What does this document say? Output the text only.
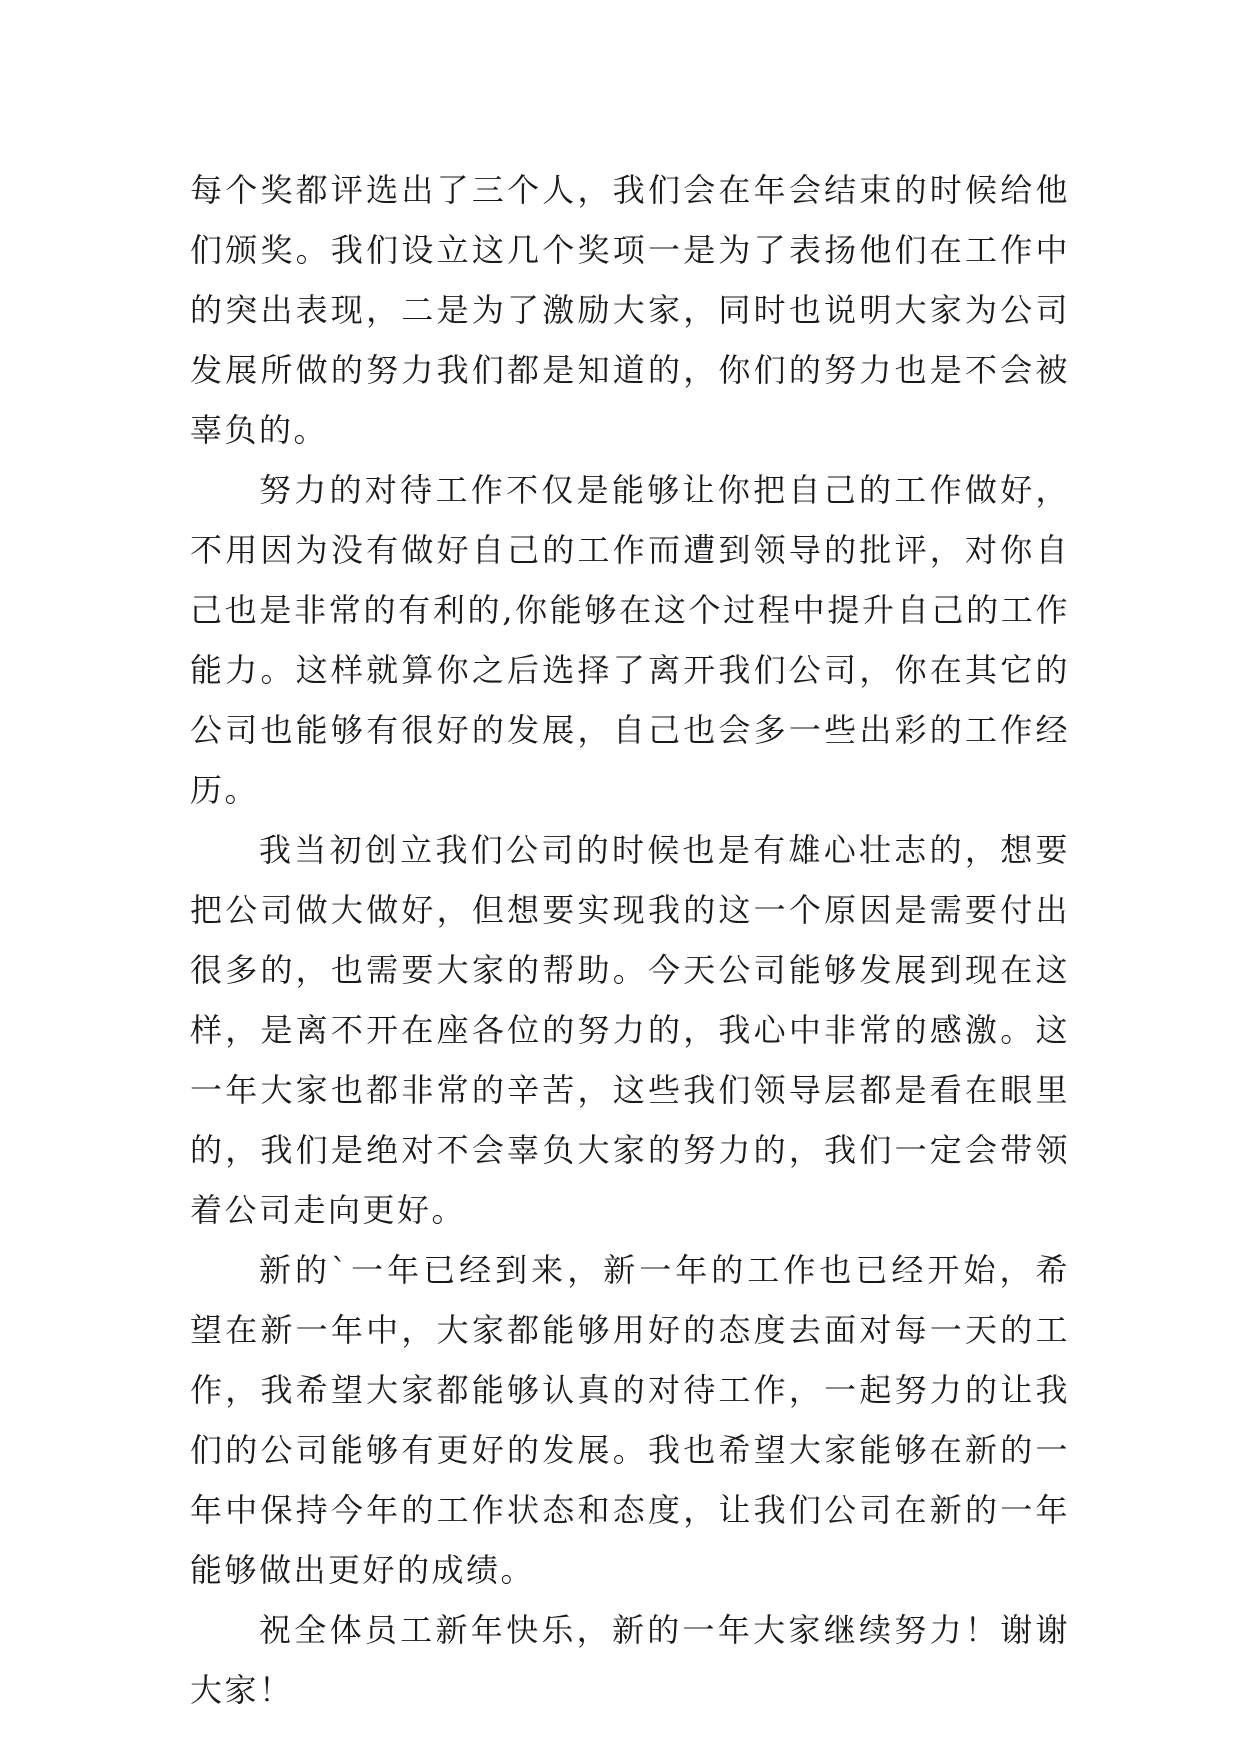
每个奖都评选出了三个人，我们会在年会结束的时候给他们颁奖。我们设立这几个奖项一是为了表扬他们在工作中的突出表现，二是为了激励大家，同时也说明大家为公司发展所做的努力我们都是知道的，你们的努力也是不会被辜负的。

努力的对待工作不仅是能够让你把自己的工作做好，不用因为没有做好自己的工作而遭到领导的批评，对你自己也是非常的有利的,你能够在这个过程中提升自己的工作能力。这样就算你之后选择了离开我们公司，你在其它的公司也能够有很好的发展，自己也会多一些出彩的工作经历。

我当初创立我们公司的时候也是有雄心壮志的，想要把公司做大做好，但想要实现我的这一个原因是需要付出很多的，也需要大家的帮助。今天公司能够发展到现在这样，是离不开在座各位的努力的，我心中非常的感激。这一年大家也都非常的辛苦，这些我们领导层都是看在眼里的，我们是绝对不会辜负大家的努力的，我们一定会带领着公司走向更好。

新的`一年已经到来，新一年的工作也已经开始，希望在新一年中，大家都能够用好的态度去面对每一天的工作，我希望大家都能够认真的对待工作，一起努力的让我们的公司能够有更好的发展。我也希望大家能够在新的一年中保持今年的工作状态和态度，让我们公司在新的一年能够做出更好的成绩。

祝全体员工新年快乐，新的一年大家继续努力！谢谢大家！
